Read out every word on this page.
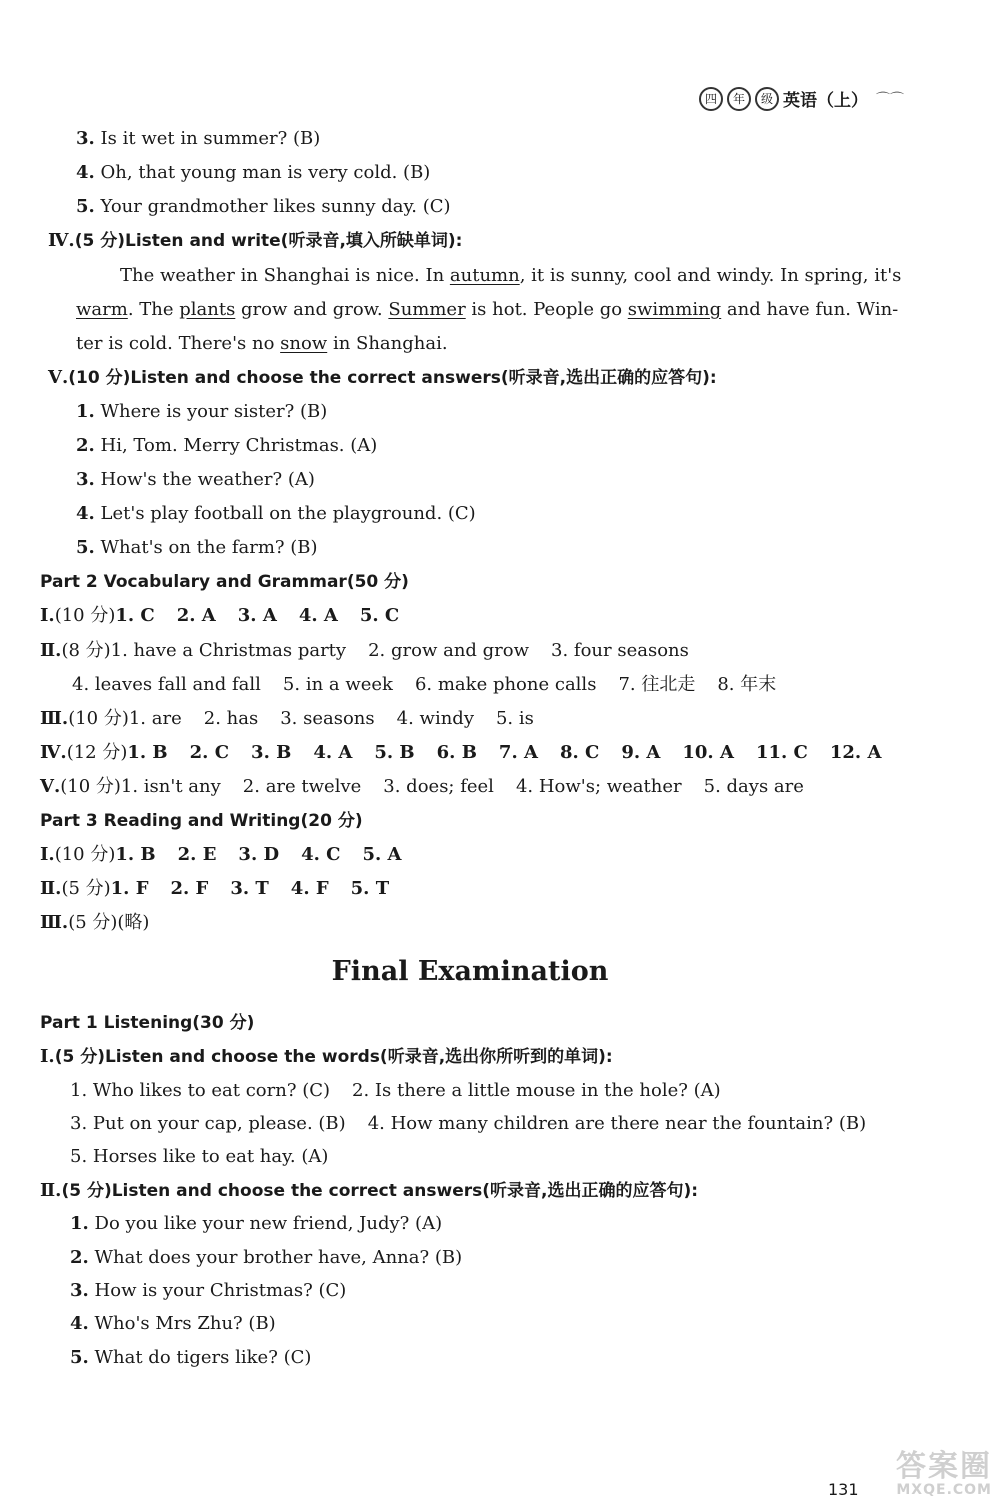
四	年	级 英语（上） ⌒⌒
3. Is it wet in summer? (B)
4. Oh, that young man is very cold. (B)
5. Your grandmother likes sunny day. (C)
Ⅳ.(5 分)Listen and write(听录音,填入所缺单词):
The weather in Shanghai is nice. In autumn, it is sunny, cool and windy. In spring, it's
warm. The plants grow and grow. Summer is hot. People go swimming and have fun. Win-
ter is cold. There's no snow in Shanghai.
Ⅴ.(10 分)Listen and choose the correct answers(听录音,选出正确的应答句):
1. Where is your sister? (B)
2. Hi, Tom. Merry Christmas. (A)
3. How's the weather? (A)
4. Let's play football on the playground. (C)
5. What's on the farm? (B)
Part 2 Vocabulary and Grammar(50 分)
Ⅰ.(10 分)1. C 2. A 3. A 4. A 5. C
Ⅱ.(8 分)1. have a Christmas party 2. grow and grow 3. four seasons
4. leaves fall and fall 5. in a week 6. make phone calls 7. 往北走 8. 年末
Ⅲ.(10 分)1. are 2. has 3. seasons 4. windy 5. is
Ⅳ.(12 分)1. B 2. C 3. B 4. A 5. B 6. B 7. A 8. C 9. A 10. A 11. C 12. A
Ⅴ.(10 分)1. isn't any 2. are twelve 3. does; feel 4. How's; weather 5. days are
Part 3 Reading and Writing(20 分)
Ⅰ.(10 分)1. B 2. E 3. D 4. C 5. A
Ⅱ.(5 分)1. F 2. F 3. T 4. F 5. T
Ⅲ.(5 分)(略)
Final Examination
Part 1 Listening(30 分)
Ⅰ.(5 分)Listen and choose the words(听录音,选出你所听到的单词):
1. Who likes to eat corn? (C) 2. Is there a little mouse in the hole? (A)
3. Put on your cap, please. (B) 4. How many children are there near the fountain? (B)
5. Horses like to eat hay. (A)
Ⅱ.(5 分)Listen and choose the correct answers(听录音,选出正确的应答句):
1. Do you like your new friend, Judy? (A)
2. What does your brother have, Anna? (B)
3. How is your Christmas? (C)
4. Who's Mrs Zhu? (B)
5. What do tigers like? (C)
131
答案圈
MXQE.COM
